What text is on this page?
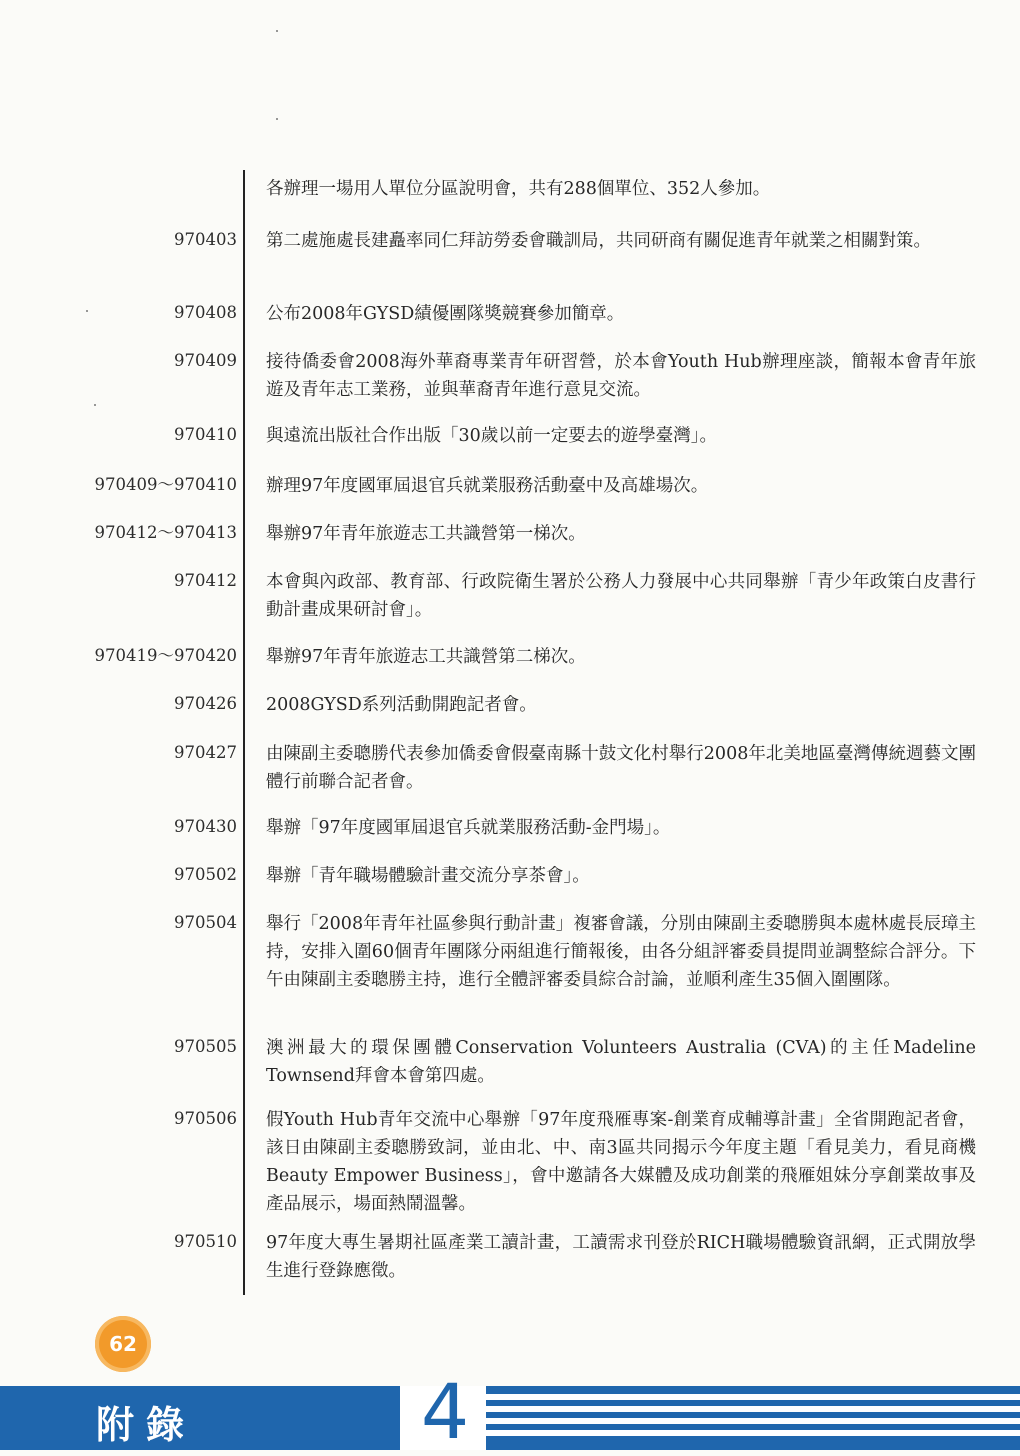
各辦理一場用人單位分區說明會，共有288個單位、352人參加。
970403 第二處施處長建矗率同仁拜訪勞委會職訓局，共同研商有關促進青年就業之相關對策。
970408 公布2008年GYSD績優團隊獎競賽參加簡章。
970409 接待僑委會2008海外華裔專業青年研習營，於本會Youth Hub辦理座談，簡報本會青年旅遊及青年志工業務，並與華裔青年進行意見交流。
970410 與遠流出版社合作出版「30歲以前一定要去的遊學臺灣」。
970409～970410 辦理97年度國軍屆退官兵就業服務活動臺中及高雄場次。
970412～970413 舉辦97年青年旅遊志工共識營第一梯次。
970412 本會與內政部、教育部、行政院衛生署於公務人力發展中心共同舉辦「青少年政策白皮書行動計畫成果研討會」。
970419～970420 舉辦97年青年旅遊志工共識營第二梯次。
970426 2008GYSD系列活動開跑記者會。
970427 由陳副主委聰勝代表參加僑委會假臺南縣十鼓文化村舉行2008年北美地區臺灣傳統週藝文團體行前聯合記者會。
970430 舉辦「97年度國軍屆退官兵就業服務活動-金門場」。
970502 舉辦「青年職場體驗計畫交流分享茶會」。
970504 舉行「2008年青年社區參與行動計畫」複審會議，分別由陳副主委聰勝與本處林處長辰璋主持，安排入圍60個青年團隊分兩組進行簡報後，由各分組評審委員提問並調整綜合評分。下午由陳副主委聰勝主持，進行全體評審委員綜合討論，並順利產生35個入圍團隊。
970505 澳洲最大的環保團體Conservation Volunteers Australia (CVA)的主任Madeline Townsend拜會本會第四處。
970506 假Youth Hub青年交流中心舉辦「97年度飛雁專案-創業育成輔導計畫」全省開跑記者會，該日由陳副主委聰勝致詞，並由北、中、南3區共同揭示今年度主題「看見美力，看見商機Beauty Empower Business」，會中邀請各大媒體及成功創業的飛雁姐妹分享創業故事及產品展示，場面熱鬧溫馨。
970510 97年度大專生暑期社區產業工讀計畫，工讀需求刊登於RICH職場體驗資訊網，正式開放學生進行登錄應徵。
62
附錄	4
